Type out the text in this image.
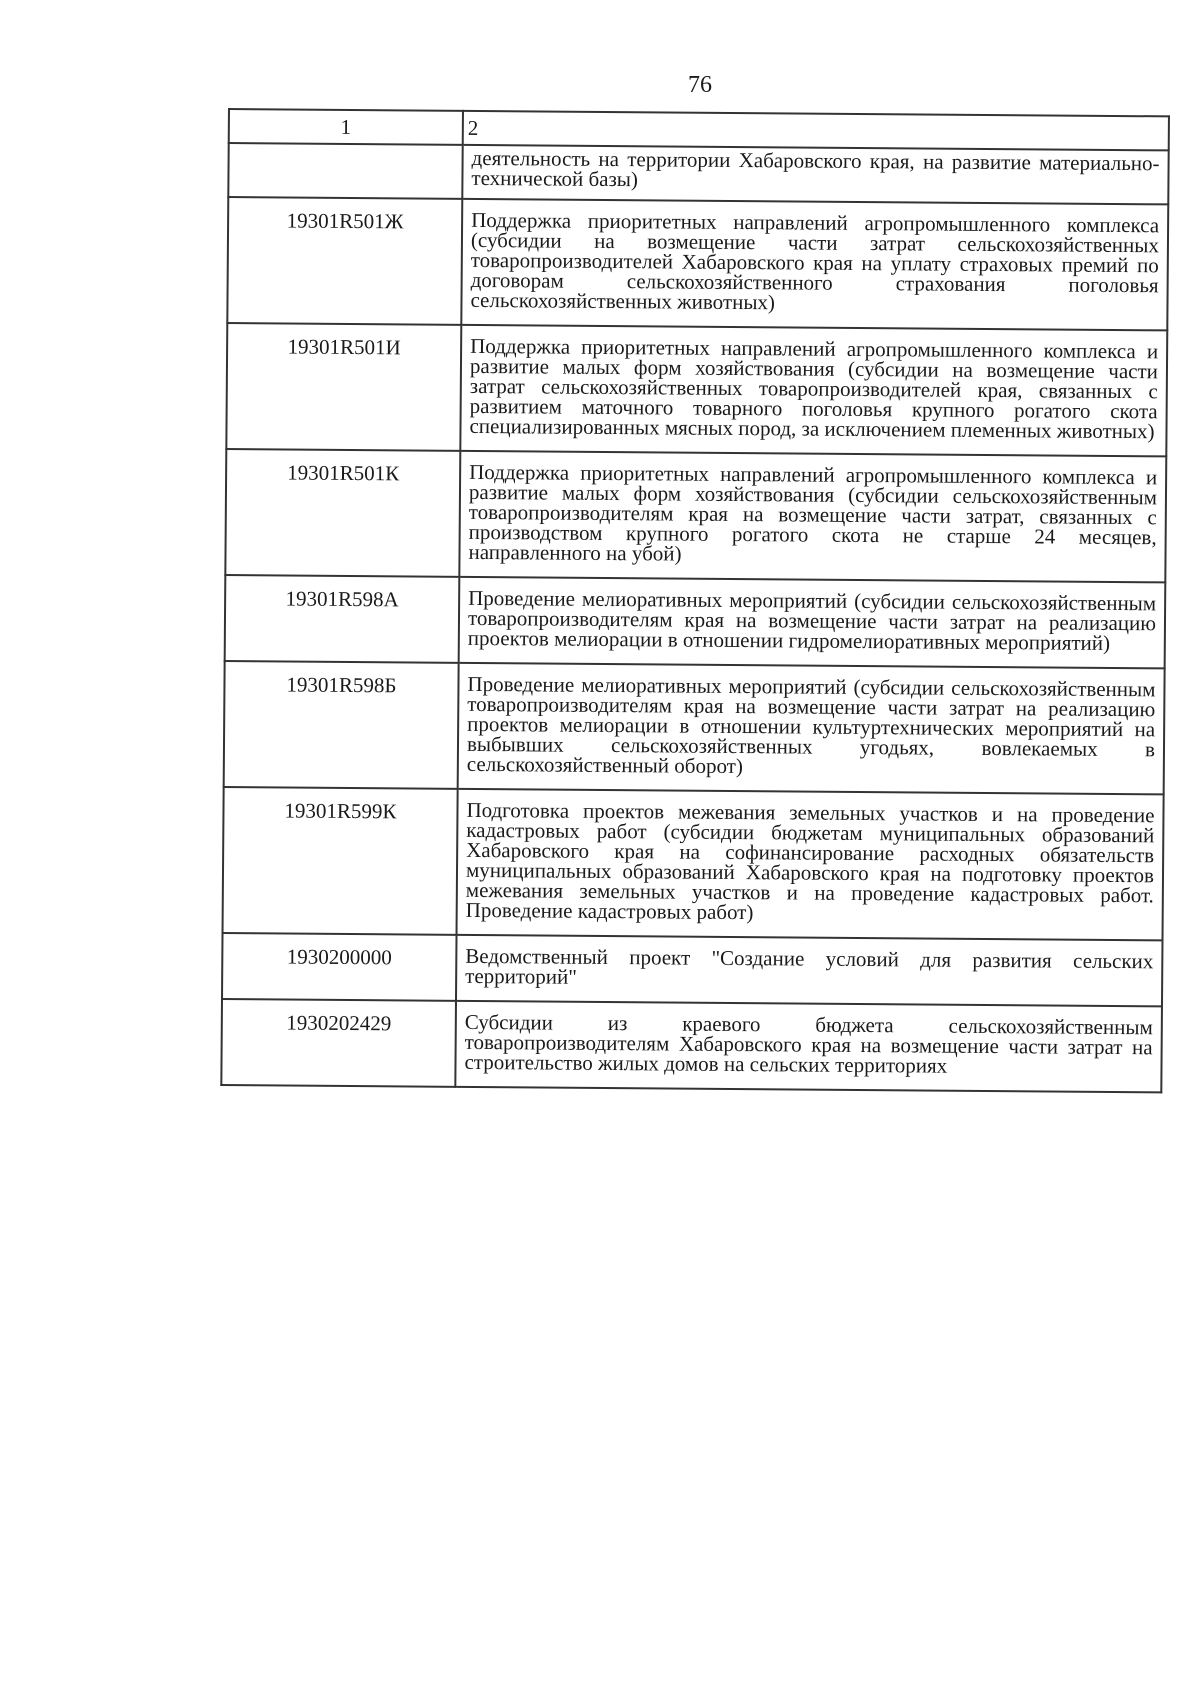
76
1	2
	деятельность на территории Хабаровского края, на развитие материально-технической базы)
19301R501Ж	Поддержка приоритетных направлений агропромышленного комплекса (субсидии на возмещение части затрат сельскохозяйственных товаропроизводителей Хабаровского края на уплату страховых премий по договорам сельскохозяйственного страхования поголовья сельскохозяйственных животных)
19301R501И	Поддержка приоритетных направлений агропромышленного комплекса и развитие малых форм хозяйствования (субсидии на возмещение части затрат сельскохозяйственных товаропроизводителей края, связанных с развитием маточного товарного поголовья крупного рогатого скота специализированных мясных пород, за исключением племенных животных)
19301R501К	Поддержка приоритетных направлений агропромышленного комплекса и развитие малых форм хозяйствования (субсидии сельскохозяйственным товаропроизводителям края на возмещение части затрат, связанных с производством крупного рогатого скота не старше 24 месяцев, направленного на убой)
19301R598А	Проведение мелиоративных мероприятий (субсидии сельскохозяйственным товаропроизводителям края на возмещение части затрат на реализацию проектов мелиорации в отношении гидромелиоративных мероприятий)
19301R598Б	Проведение мелиоративных мероприятий (субсидии сельскохозяйственным товаропроизводителям края на возмещение части затрат на реализацию проектов мелиорации в отношении культуртехнических мероприятий на выбывших сельскохозяйственных угодьях, вовлекаемых в сельскохозяйственный оборот)
19301R599К	Подготовка проектов межевания земельных участков и на проведение кадастровых работ (субсидии бюджетам муниципальных образований Хабаровского края на софинансирование расходных обязательств муниципальных образований Хабаровского края на подготовку проектов межевания земельных участков и на проведение кадастровых работ. Проведение кадастровых работ)
1930200000	Ведомственный проект "Создание условий для развития сельских территорий"
1930202429	Субсидии из краевого бюджета сельскохозяйственным товаропроизводителям Хабаровского края на возмещение части затрат на строительство жилых домов на сельских территориях
